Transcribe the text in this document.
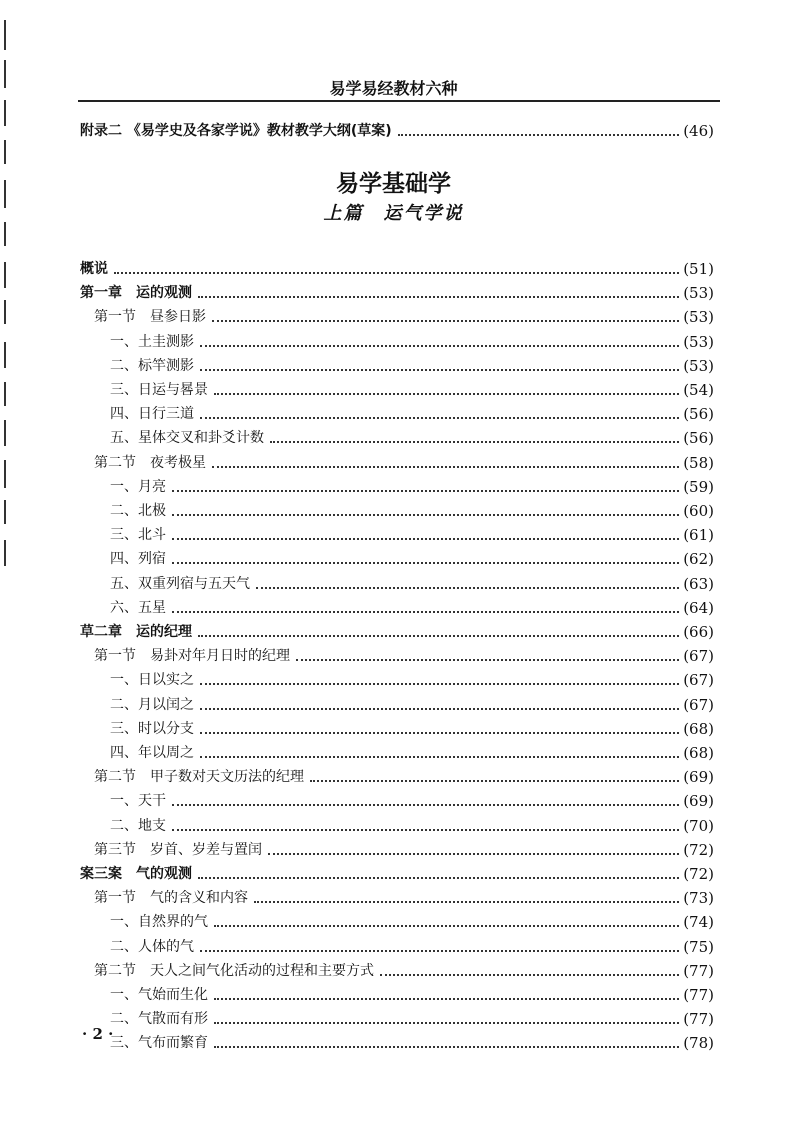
易学易经教材六种
附录二 《易学史及各家学说》教材教学大纲(草案)	(46)
易学基础学
上篇　运气学说
概说	(51)
第一章　运的观测	(53)
第一节　昼参日影	(53)
一、土圭测影	(53)
二、标竿测影	(53)
三、日运与晷景	(54)
四、日行三道	(56)
五、星体交叉和卦爻计数	(56)
第二节　夜考极星	(58)
一、月亮	(59)
二、北极	(60)
三、北斗	(61)
四、列宿	(62)
五、双重列宿与五天气	(63)
六、五星	(64)
草二章　运的纪理	(66)
第一节　易卦对年月日时的纪理	(67)
一、日以实之	(67)
二、月以闰之	(67)
三、时以分支	(68)
四、年以周之	(68)
第二节　甲子数对天文历法的纪理	(69)
一、天干	(69)
二、地支	(70)
第三节　岁首、岁差与置闰	(72)
案三案　气的观测	(72)
第一节　气的含义和内容	(73)
一、自然界的气	(74)
二、人体的气	(75)
第二节　天人之间气化活动的过程和主要方式	(77)
一、气始而生化	(77)
二、气散而有形	(77)
三、气布而繁育	(78)
· 2 ·
